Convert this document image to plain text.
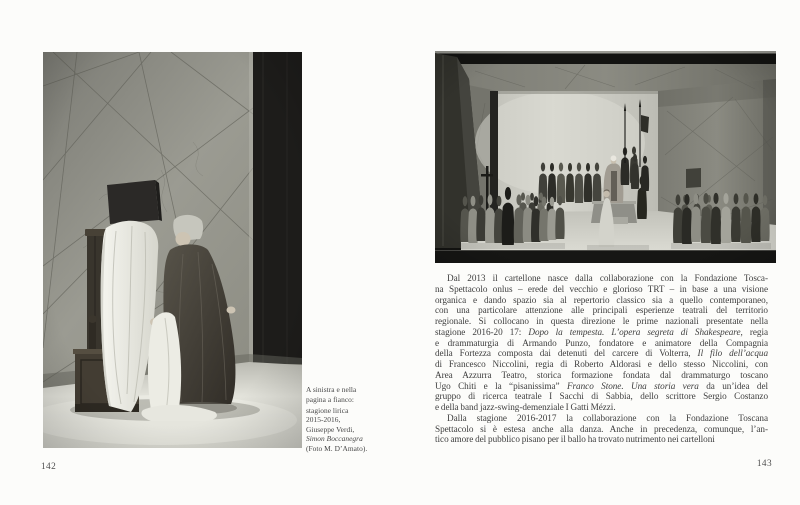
A sinistra e nella
pagina a fianco:
stagione lirica
2015-2016,
Giuseppe Verdi,
Simon Boccanegra
(Foto M. D’Amato).
142
Dal 2013 il cartellone nasce dalla collaborazione con la Fondazione Tosca-
na Spettacolo onlus – erede del vecchio e glorioso TRT – in base a una visione
organica e dando spazio sia al repertorio classico sia a quello contemporaneo,
con una particolare attenzione alle principali esperienze teatrali del territorio
regionale. Si collocano in questa direzione le prime nazionali presentate nella
stagione 2016-20 17: Dopo la tempesta. L’opera segreta di Shakespeare, regia
e drammaturgia di Armando Punzo, fondatore e animatore della Compagnia
della Fortezza composta dai detenuti del carcere di Volterra, Il filo dell’acqua
di Francesco Niccolini, regia di Roberto Aldorasi e dello stesso Niccolini, con
Area Azzurra Teatro, storica formazione fondata dal drammaturgo toscano
Ugo Chiti e la “pisanissima” Franco Stone. Una storia vera da un’idea del
gruppo di ricerca teatrale I Sacchi di Sabbia, dello scrittore Sergio Costanzo
e della band jazz-swing-demenziale I Gatti Mézzi.
Dalla stagione 2016-2017 la collaborazione con la Fondazione Toscana
Spettacolo si è estesa anche alla danza. Anche in precedenza, comunque, l’an-
tico amore del pubblico pisano per il ballo ha trovato nutrimento nei cartelloni
143
